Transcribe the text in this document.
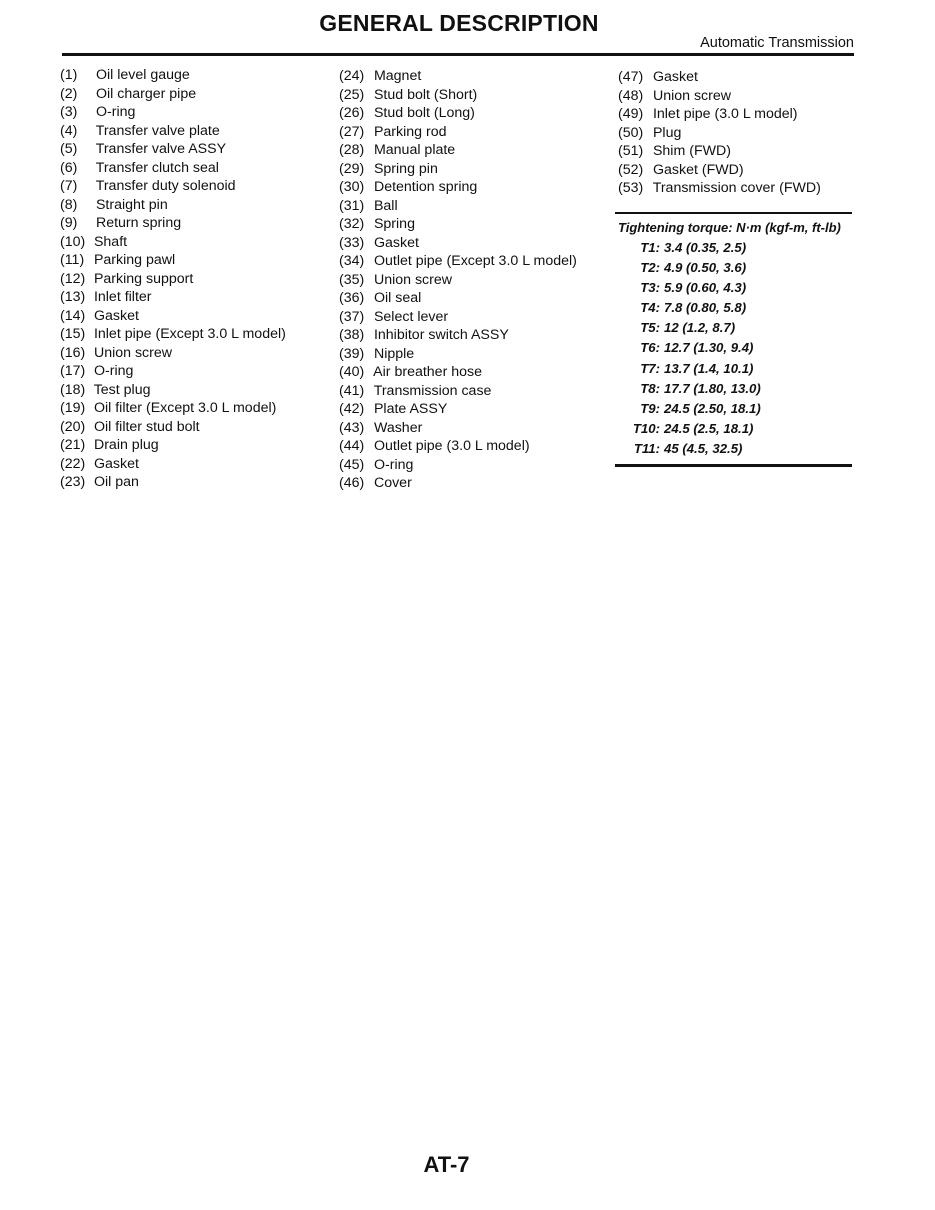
GENERAL DESCRIPTION
Automatic Transmission
(1) Oil level gauge
(2) Oil charger pipe
(3) O-ring
(4) Transfer valve plate
(5) Transfer valve ASSY
(6) Transfer clutch seal
(7) Transfer duty solenoid
(8) Straight pin
(9) Return spring
(10) Shaft
(11) Parking pawl
(12) Parking support
(13) Inlet filter
(14) Gasket
(15) Inlet pipe (Except 3.0 L model)
(16) Union screw
(17) O-ring
(18) Test plug
(19) Oil filter (Except 3.0 L model)
(20) Oil filter stud bolt
(21) Drain plug
(22) Gasket
(23) Oil pan
(24) Magnet
(25) Stud bolt (Short)
(26) Stud bolt (Long)
(27) Parking rod
(28) Manual plate
(29) Spring pin
(30) Detention spring
(31) Ball
(32) Spring
(33) Gasket
(34) Outlet pipe (Except 3.0 L model)
(35) Union screw
(36) Oil seal
(37) Select lever
(38) Inhibitor switch ASSY
(39) Nipple
(40) Air breather hose
(41) Transmission case
(42) Plate ASSY
(43) Washer
(44) Outlet pipe (3.0 L model)
(45) O-ring
(46) Cover
(47) Gasket
(48) Union screw
(49) Inlet pipe (3.0 L model)
(50) Plug
(51) Shim (FWD)
(52) Gasket (FWD)
(53) Transmission cover (FWD)
Tightening torque: N·m (kgf-m, ft-lb)
T1: 3.4 (0.35, 2.5)
T2: 4.9 (0.50, 3.6)
T3: 5.9 (0.60, 4.3)
T4: 7.8 (0.80, 5.8)
T5: 12 (1.2, 8.7)
T6: 12.7 (1.30, 9.4)
T7: 13.7 (1.4, 10.1)
T8: 17.7 (1.80, 13.0)
T9: 24.5 (2.50, 18.1)
T10: 24.5 (2.5, 18.1)
T11: 45 (4.5, 32.5)
AT-7
